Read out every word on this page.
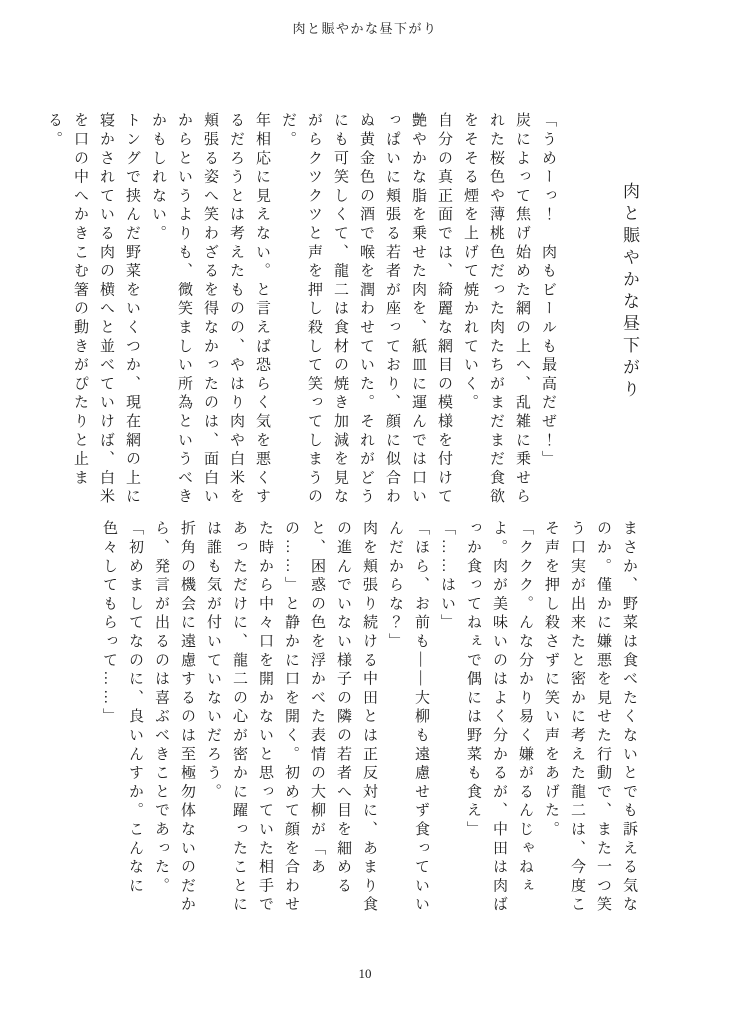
肉と賑やかな昼下がり
肉と賑やかな昼下がり

「うめーっ！　肉もビールも最高だぜ！」

炭によって焦げ始めた網の上へ、乱雑に乗せられた桜色や薄桃色だった肉たちがまだまだ食欲をそそる煙を上げて焼かれていく。

自分の真正面では、綺麗な網目の模様を付けて艶やかな脂を乗せた肉を、紙皿に運んでは口いっぱいに頬張る若者が座っており、顔に似合わぬ黄金色の酒で喉を潤わせていた。それがどうにも可笑しくて、龍二は食材の焼き加減を見ながらクツクツと声を押し殺して笑ってしまうのだ。

年相応に見えない。と言えば恐らく気を悪くするだろうとは考えたものの、やはり肉や白米を頬張る姿へ笑わざるを得なかったのは、面白いからというよりも、微笑ましい所為というべきかもしれない。

トングで挟んだ野菜をいくつか、現在網の上に寝かされている肉の横へと並べていけば、白米を口の中へかきこむ箸の動きがぴたりと止まる。

まさか、野菜は食べたくないとでも訴える気なのか。僅かに嫌悪を見せた行動で、また一つ笑う口実が出来たと密かに考えた龍二は、今度こそ声を押し殺さずに笑い声をあげた。

「ククク。んな分かり易く嫌がるんじゃねぇよ。肉が美味いのはよく分かるが、中田は肉ばっか食ってねぇで偶には野菜も食え」

「……はい」

「ほら、お前も――大柳も遠慮せず食っていいんだからな？」

肉を頬張り続ける中田とは正反対に、あまり食の進んでいない様子の隣の若者へ目を細めると、困惑の色を浮かべた表情の大柳が「あの……」と静かに口を開く。初めて顔を合わせた時から中々口を開かないと思っていた相手であっただけに、龍二の心が密かに躍ったことには誰も気が付いていないだろう。

折角の機会に遠慮するのは至極勿体ないのだから、発言が出るのは喜ぶべきことであった。

「初めましてなのに、良いんすか。こんなに色々してもらって……」

10
